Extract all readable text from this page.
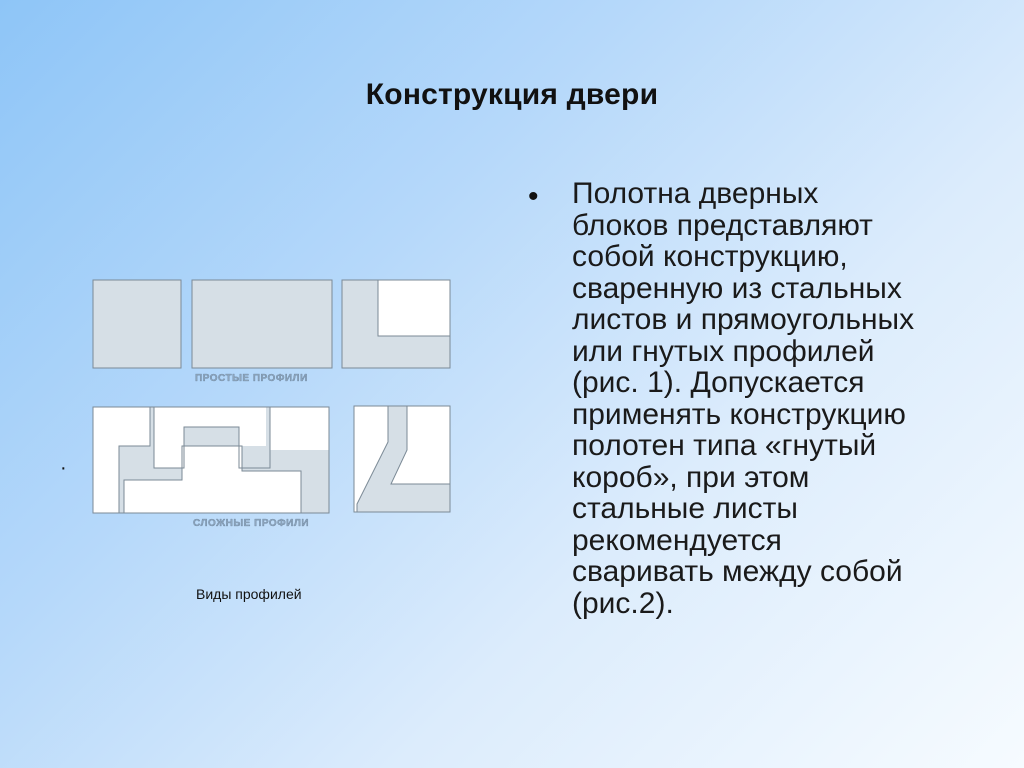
Конструкция двери
• Полотна дверных
блоков представляют
собой конструкцию,
сваренную из стальных
листов и прямоугольных
или гнутых профилей
(рис. 1). Допускается
применять конструкцию
полотен типа «гнутый
короб», при этом
стальные листы
рекомендуется
сваривать между собой
(рис.2).
·
ПРОСТЫЕ ПРОФИЛИ
СЛОЖНЫЕ ПРОФИЛИ
Виды профилей
